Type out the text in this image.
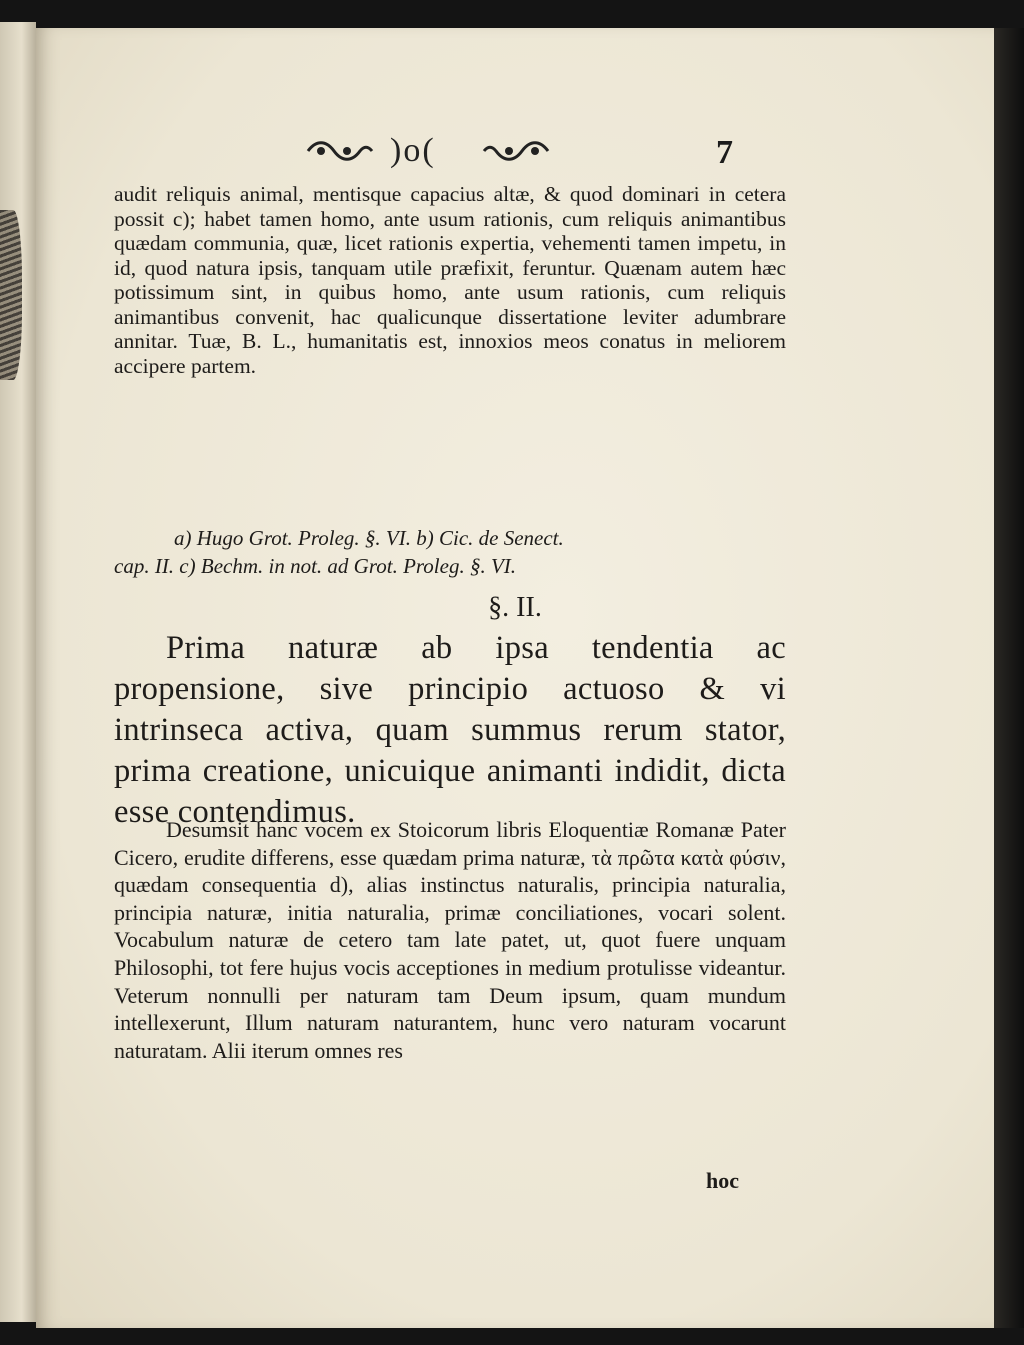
)o(	7

audit reliquis animal, mentisque capacius altæ, & quod dominari in cetera possit c); habet tamen homo, ante usum rationis, cum reliquis animantibus quædam communia, quæ, licet rationis expertia, vehementi tamen impetu, in id, quod natura ipsis, tanquam utile præfixit, feruntur. Quænam autem hæc potissimum sint, in quibus homo, ante usum rationis, cum reliquis animantibus convenit, hac qualicunque dissertatione leviter adumbrare annitar. Tuæ, B. L., humanitatis est, innoxios meos conatus in meliorem accipere partem.

a) Hugo Grot. Proleg. §. VI. b) Cic. de Senect.
cap. II. c) Bechm. in not. ad Grot. Proleg. §. VI.
§. II.

Prima naturæ ab ipsa tendentia ac propensione, sive principio actuoso & vi intrinseca activa, quam summus rerum stator, prima creatione, unicuique animanti indidit, dicta esse contendimus.

Desumsit hanc vocem ex Stoicorum libris Eloquentiæ Romanæ Pater Cicero, erudite differens, esse quædam prima naturæ, τὰ πρῶτα κατὰ φύσιν, quædam consequentia d), alias instinctus naturalis, principia naturalia, principia naturæ, initia naturalia, primæ conciliationes, vocari solent. Vocabulum naturæ de cetero tam late patet, ut, quot fuere unquam Philosophi, tot fere hujus vocis acceptiones in medium protulisse videantur. Veterum nonnulli per naturam tam Deum ipsum, quam mundum intellexerunt, Illum naturam naturantem, hunc vero naturam vocarunt naturatam. Alii iterum omnes res

hoc
